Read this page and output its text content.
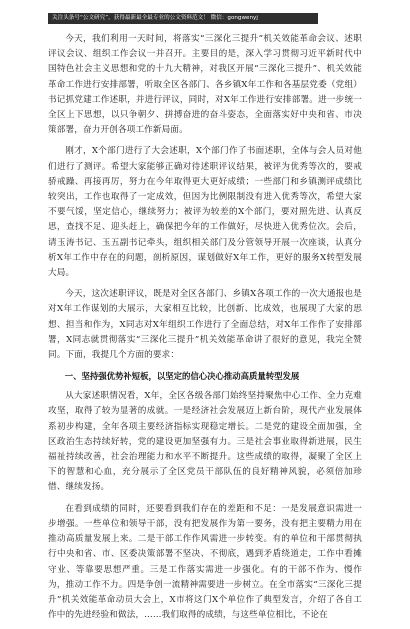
关注头条号“公文研究”，获得最新最全最专业的公文资料范文！ 微信：gongwenyj

今天，我们利用一天时间，将落实“三深化三提升”机关效能革命会议、述职评议会议、组织工作会议一并召开。主要目的是，深入学习贯彻习近平新时代中国特色社会主义思想和党的十九大精神，对我区开展“三深化三提升”、机关效能革命工作进行安排部署，听取全区各部门、各乡镇X年工作和各基层党委（党组）书记抓党建工作述职，并进行评议，同时，对X年工作进行安排部署。进一步统一全区上下思想，以只争朝夕、拼搏奋进的奋斗姿态，全面落实好中央和省、市决策部署，奋力开创各项工作新局面。

刚才，X个部门进行了大会述职，X个部门作了书面述职，全体与会人员对他们进行了测评。希望大家能够正确对待述职评议结果，被评为优秀等次的，要戒骄戒躁、再接再厉，努力在今年取得更大更好成绩；一些部门和乡镇测评成绩比较突出，工作也取得了一定成效，但因为比例限制没有进入优秀等次，希望大家不要气馁，坚定信心，继续努力；被评为较差的X个部门，要对照先进、认真反思，查找不足、迎头赶上，确保把今年的工作做好，尽快进入优秀位次。会后，请玉涛书记、玉五副书记牵头，组织相关部门及分管领导开展一次座谈，认真分析X年工作中存在的问题，剖析原因，谋划做好X年工作，更好的服务X转型发展大局。

今天，这次述职评议，既是对全区各部门、乡镇X各项工作的一次大通报也是对X年工作谋划的大展示，大家相互比较，比创新、比成效，也展现了大家的思想、担当和作为，X同志对X年组织工作进行了全面总结，对X年工作作了安排部署，X同志就贯彻落实“三深化三提升”机关效能革命讲了很好的意见，我完全赞同。下面，我提几个方面的要求：

一、坚持强优势补短板，以坚定的信心决心推动高质量转型发展

从大家述职情况看，X年，全区各级各部门始终坚持聚焦中心工作、全力克难攻坚，取得了较为显著的成就。一是经济社会发展迈上新台阶，现代产业发展体系初步构建，全年各项主要经济指标实现稳定增长。二是党的建设全面加强，全区政治生态持续好转，党的建设更加坚强有力。三是社会事业取得新进展，民生福祉持续改善，社会治理能力和水平不断提升。这些成绩的取得，凝聚了全区上下的智慧和心血，充分展示了全区党员干部队伍的良好精神风貌，必须倍加珍惜、继续发扬。

在看到成绩的同时，还要看到我们存在的差距和不足：一是发展意识需进一步增强。一些单位和领导干部，没有把发展作为第一要务，没有把主要精力用在推动高质量发展上来。二是干部工作作风需进一步转变。有的单位和干部贯彻执行中央和省、市、区委决策部署不坚决、不彻底，遇到矛盾绕道走，工作中看摊守业、等靠要思想严重。三是工作落实需进一步强化。有的干部不作为、慢作为，推动工作不力。四是争创一流精神需要进一步树立。在全市落实“三深化三提升”机关效能革命动员大会上，X市将这门X个单位作了典型发言，介绍了各自工作中的先进经验和做法，……我们取得的成绩，与这些单位相比，不论在
